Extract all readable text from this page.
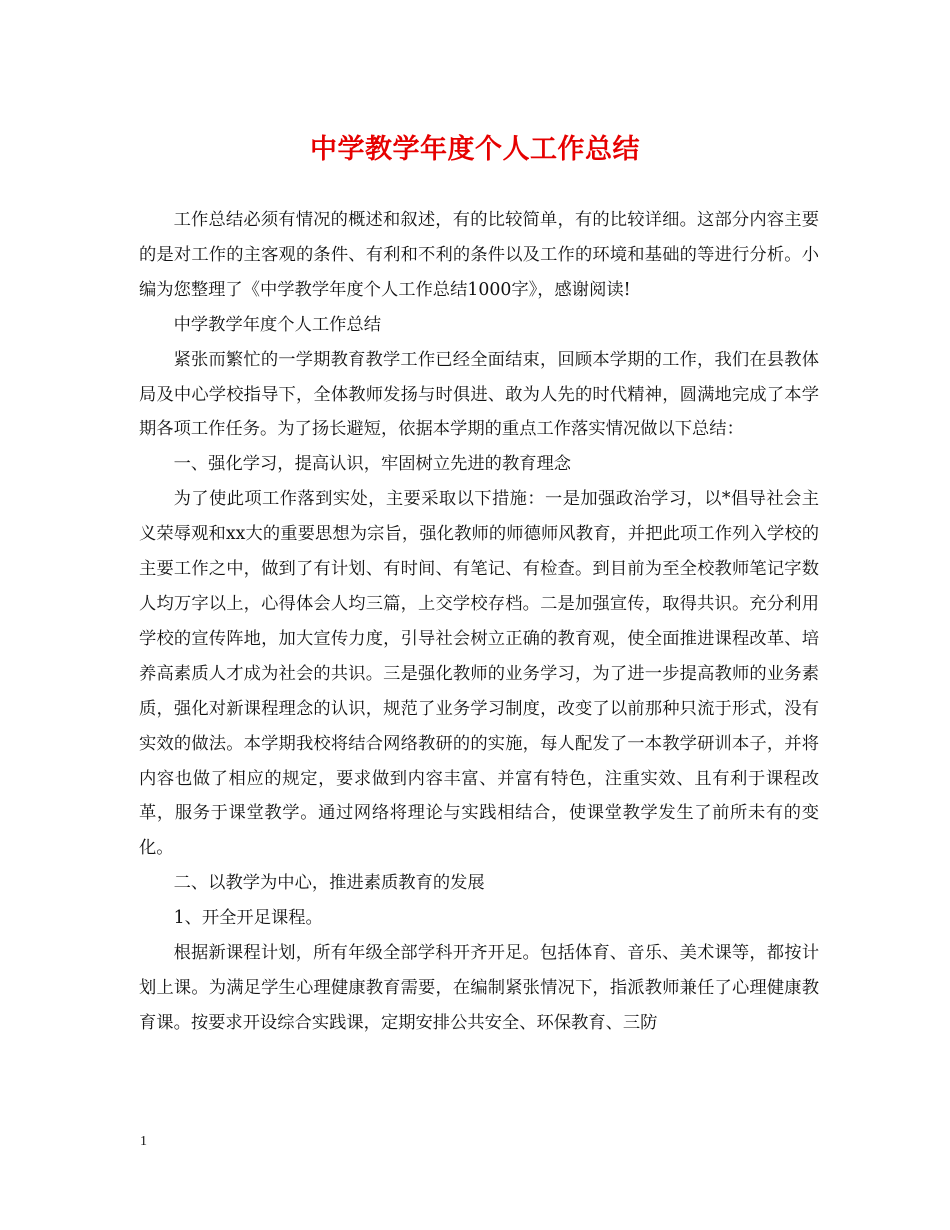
中学教学年度个人工作总结

工作总结必须有情况的概述和叙述，有的比较简单，有的比较详细。这部分内容主要的是对工作的主客观的条件、有利和不利的条件以及工作的环境和基础的等进行分析。小编为您整理了《中学教学年度个人工作总结1000字》，感谢阅读!

中学教学年度个人工作总结

紧张而繁忙的一学期教育教学工作已经全面结束，回顾本学期的工作，我们在县教体局及中心学校指导下，全体教师发扬与时俱进、敢为人先的时代精神，圆满地完成了本学期各项工作任务。为了扬长避短，依据本学期的重点工作落实情况做以下总结：

一、强化学习，提高认识，牢固树立先进的教育理念

为了使此项工作落到实处，主要采取以下措施：一是加强政治学习，以*倡导社会主义荣辱观和xx大的重要思想为宗旨，强化教师的师德师风教育，并把此项工作列入学校的主要工作之中，做到了有计划、有时间、有笔记、有检查。到目前为至全校教师笔记字数人均万字以上，心得体会人均三篇，上交学校存档。二是加强宣传，取得共识。充分利用学校的宣传阵地，加大宣传力度，引导社会树立正确的教育观，使全面推进课程改革、培养高素质人才成为社会的共识。三是强化教师的业务学习，为了进一步提高教师的业务素质，强化对新课程理念的认识，规范了业务学习制度，改变了以前那种只流于形式，没有实效的做法。本学期我校将结合网络教研的的实施，每人配发了一本教学研训本子，并将内容也做了相应的规定，要求做到内容丰富、并富有特色，注重实效、且有利于课程改革，服务于课堂教学。通过网络将理论与实践相结合，使课堂教学发生了前所未有的变化。

二、以教学为中心，推进素质教育的发展

1、开全开足课程。

根据新课程计划，所有年级全部学科开齐开足。包括体育、音乐、美术课等，都按计划上课。为满足学生心理健康教育需要，在编制紧张情况下，指派教师兼任了心理健康教育课。按要求开设综合实践课，定期安排公共安全、环保教育、三防

1
